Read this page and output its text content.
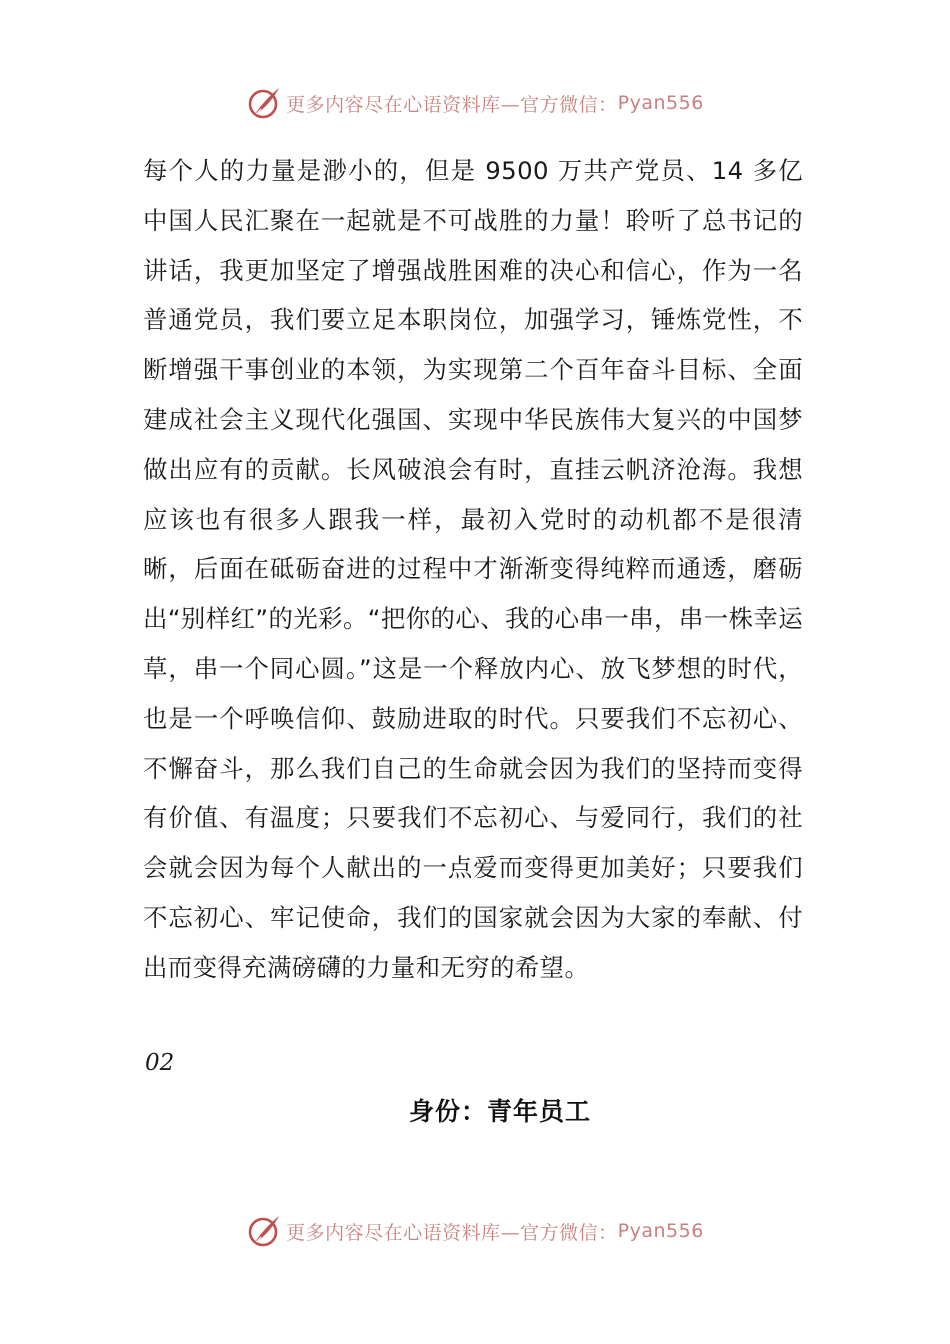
更多内容尽在心语资料库—官方微信： Pyan556

每个人的力量是渺小的，但是 9500 万共产党员、14 多亿中国人民汇聚在一起就是不可战胜的力量！聆听了总书记的讲话，我更加坚定了增强战胜困难的决心和信心，作为一名普通党员，我们要立足本职岗位，加强学习，锤炼党性，不断增强干事创业的本领，为实现第二个百年奋斗目标、全面建成社会主义现代化强国、实现中华民族伟大复兴的中国梦做出应有的贡献。长风破浪会有时，直挂云帆济沧海。我想应该也有很多人跟我一样，最初入党时的动机都不是很清晰，后面在砥砺奋进的过程中才渐渐变得纯粹而通透，磨砺出“别样红”的光彩。“把你的心、我的心串一串，串一株幸运草，串一个同心圆。”这是一个释放内心、放飞梦想的时代，也是一个呼唤信仰、鼓励进取的时代。只要我们不忘初心、不懈奋斗，那么我们自己的生命就会因为我们的坚持而变得有价值、有温度；只要我们不忘初心、与爱同行，我们的社会就会因为每个人献出的一点爱而变得更加美好；只要我们不忘初心、牢记使命，我们的国家就会因为大家的奉献、付出而变得充满磅礴的力量和无穷的希望。

02
身份：青年员工
更多内容尽在心语资料库—官方微信： Pyan556
